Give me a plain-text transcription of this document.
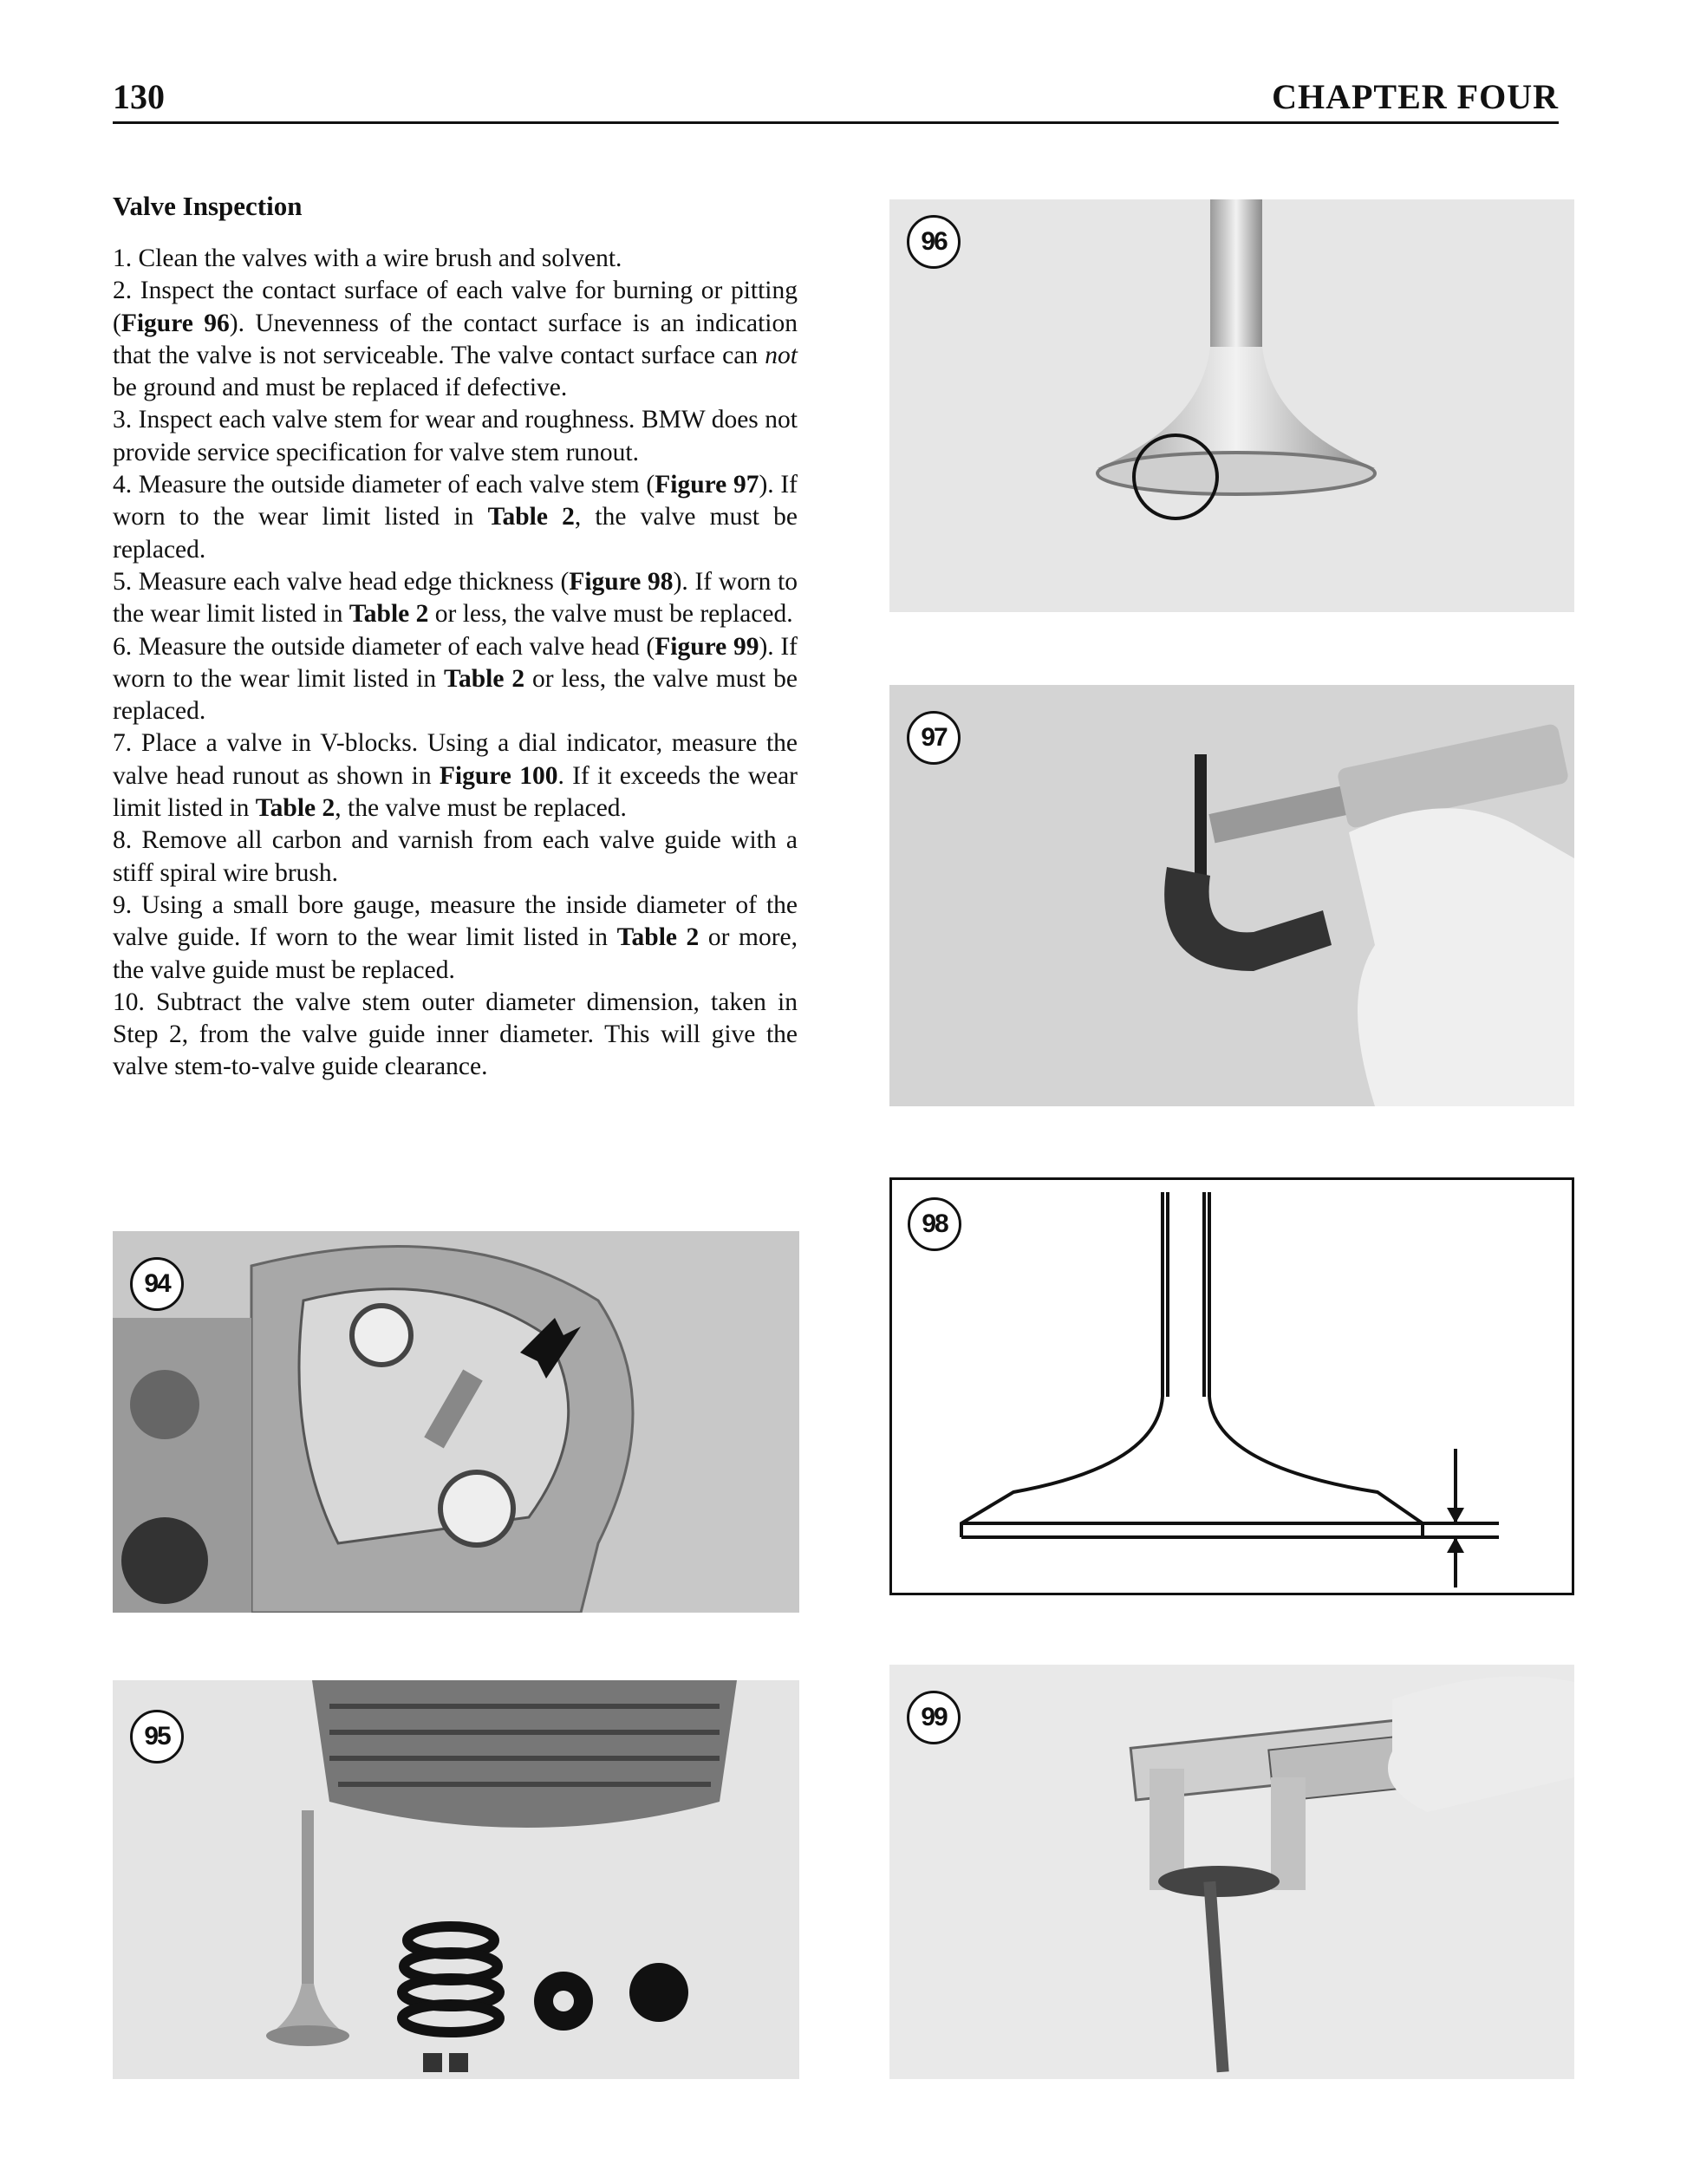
130	CHAPTER FOUR
Valve Inspection

1. Clean the valves with a wire brush and solvent.

2. Inspect the contact surface of each valve for burning or pitting (Figure 96). Unevenness of the contact surface is an indication that the valve is not serviceable. The valve contact surface can not be ground and must be replaced if defective.

3. Inspect each valve stem for wear and roughness. BMW does not provide service specification for valve stem runout.

4. Measure the outside diameter of each valve stem (Figure 97). If worn to the wear limit listed in Table 2, the valve must be replaced.

5. Measure each valve head edge thickness (Figure 98). If worn to the wear limit listed in Table 2 or less, the valve must be replaced.

6. Measure the outside diameter of each valve head (Figure 99). If worn to the wear limit listed in Table 2 or less, the valve must be replaced.

7. Place a valve in V-blocks. Using a dial indicator, measure the valve head runout as shown in Figure 100. If it exceeds the wear limit listed in Table 2, the valve must be replaced.

8. Remove all carbon and varnish from each valve guide with a stiff spiral wire brush.

9. Using a small bore gauge, measure the inside diameter of the valve guide. If worn to the wear limit listed in Table 2 or more, the valve guide must be replaced.

10. Subtract the valve stem outer diameter dimension, taken in Step 2, from the valve guide inner diameter. This will give the valve stem-to-valve guide clearance.

96
97
98
99
94
95
